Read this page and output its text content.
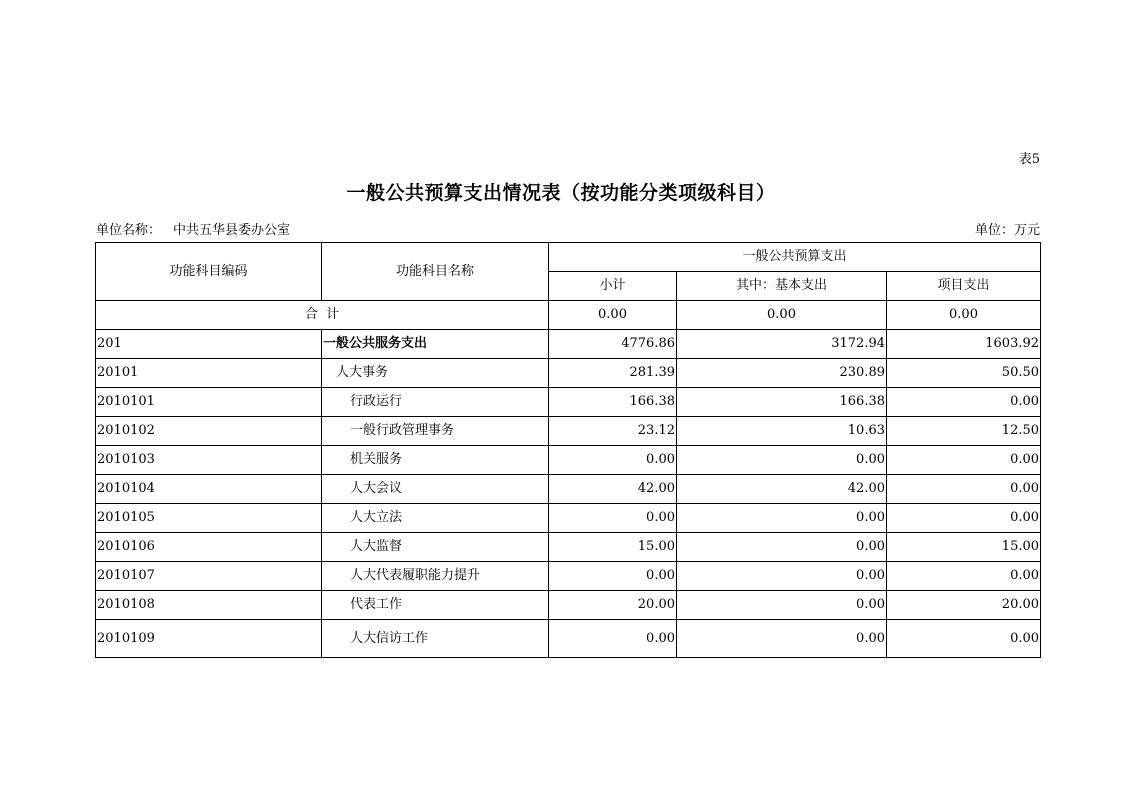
表5
一般公共预算支出情况表（按功能分类项级科目）
单位名称： 中共五华县委办公室	单位：万元
功能科目编码	功能科目名称	一般公共预算支出		
		小计	其中：基本支出	项目支出
合  计		0.00	0.00	0.00
201	一般公共服务支出	4776.86	3172.94	1603.92
20101	人大事务	281.39	230.89	50.50
2010101	行政运行	166.38	166.38	0.00
2010102	一般行政管理事务	23.12	10.63	12.50
2010103	机关服务	0.00	0.00	0.00
2010104	人大会议	42.00	42.00	0.00
2010105	人大立法	0.00	0.00	0.00
2010106	人大监督	15.00	0.00	15.00
2010107	人大代表履职能力提升	0.00	0.00	0.00
2010108	代表工作	20.00	0.00	20.00
2010109	人大信访工作	0.00	0.00	0.00
